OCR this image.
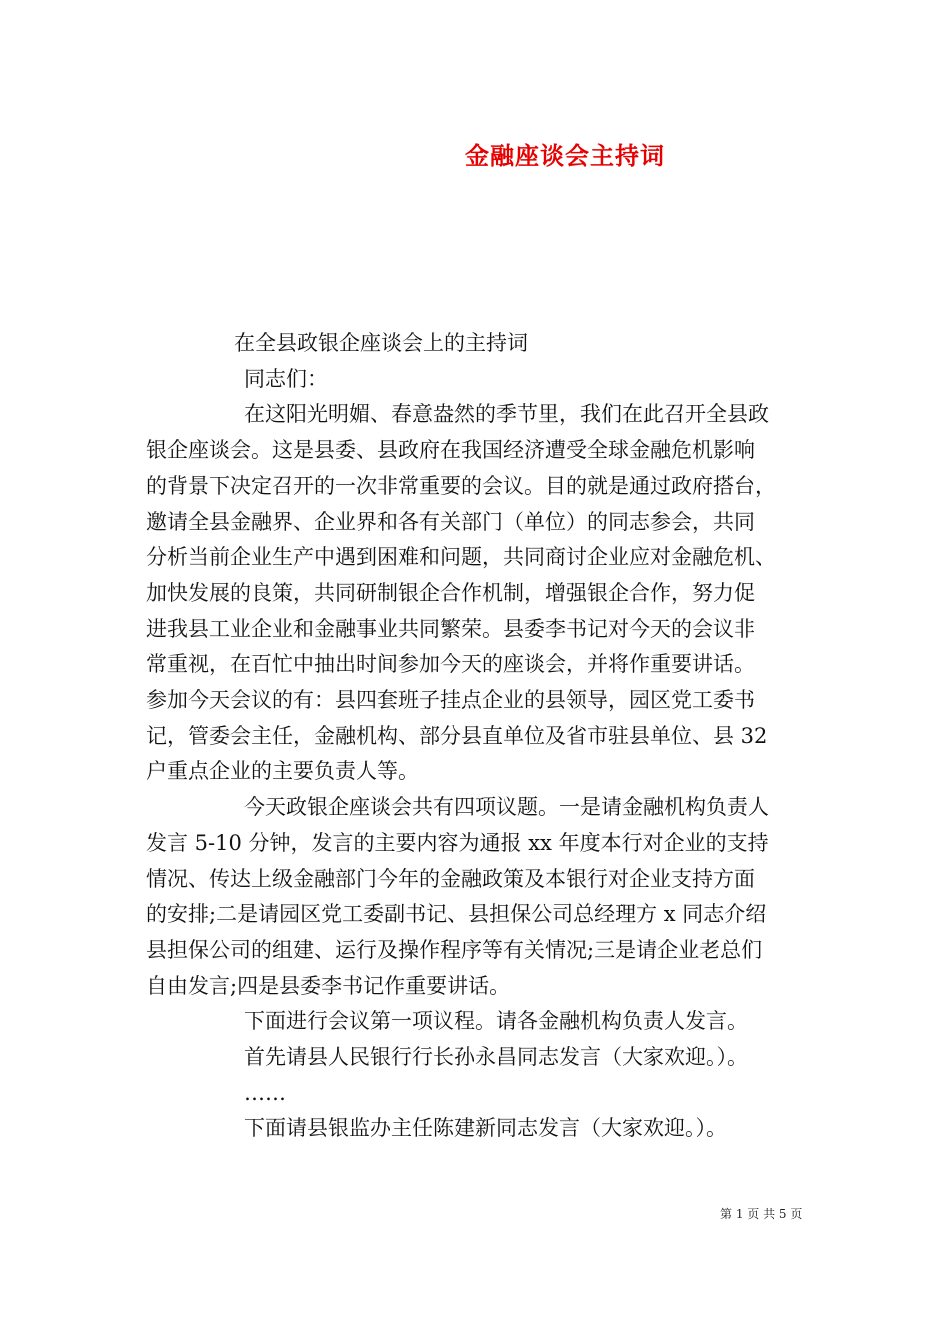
金融座谈会主持词
在全县政银企座谈会上的主持词
同志们：
在这阳光明媚、春意盎然的季节里，我们在此召开全县政
银企座谈会。这是县委、县政府在我国经济遭受全球金融危机影响
的背景下决定召开的一次非常重要的会议。目的就是通过政府搭台，
邀请全县金融界、企业界和各有关部门（单位）的同志参会，共同
分析当前企业生产中遇到困难和问题，共同商讨企业应对金融危机、
加快发展的良策，共同研制银企合作机制，增强银企合作，努力促
进我县工业企业和金融事业共同繁荣。县委李书记对今天的会议非
常重视，在百忙中抽出时间参加今天的座谈会，并将作重要讲话。
参加今天会议的有：县四套班子挂点企业的县领导，园区党工委书
记，管委会主任，金融机构、部分县直单位及省市驻县单位、县 32
户重点企业的主要负责人等。
今天政银企座谈会共有四项议题。一是请金融机构负责人
发言 5-10 分钟，发言的主要内容为通报 xx 年度本行对企业的支持
情况、传达上级金融部门今年的金融政策及本银行对企业支持方面
的安排;二是请园区党工委副书记、县担保公司总经理方 x 同志介绍
县担保公司的组建、运行及操作程序等有关情况;三是请企业老总们
自由发言;四是县委李书记作重要讲话。
下面进行会议第一项议程。请各金融机构负责人发言。
首先请县人民银行行长孙永昌同志发言（大家欢迎。）。
……
下面请县银监办主任陈建新同志发言（大家欢迎。）。
第 1 页 共 5 页
